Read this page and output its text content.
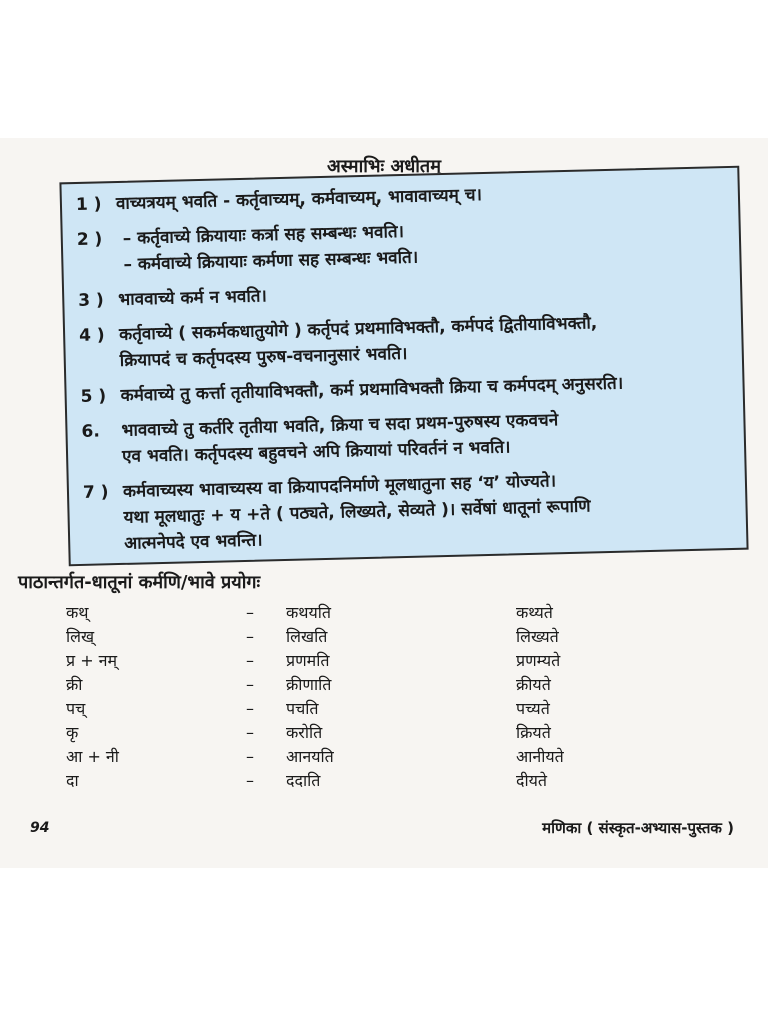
अस्माभिः अधीतम्
1 ) वाच्यत्रयम् भवति - कर्तृवाच्यम्, कर्मवाच्यम्, भावावाच्यम् च।
2 )	– कर्तृवाच्ये क्रियायाः कर्त्रा सह सम्बन्धः भवति।
– कर्मवाच्ये क्रियायाः कर्मणा सह सम्बन्धः भवति।
3 ) भाववाच्ये कर्म न भवति।
4 ) कर्तृवाच्ये ( सकर्मकधातुयोगे ) कर्तृपदं प्रथमाविभक्तौ, कर्मपदं द्वितीयाविभक्तौ,
क्रियापदं च कर्तृपदस्य पुरुष-वचनानुसारं भवति।
5 ) कर्मवाच्ये तु कर्त्ता तृतीयाविभक्तौ, कर्म प्रथमाविभक्तौ क्रिया च कर्मपदम् अनुसरति।
6.	भाववाच्ये तु कर्तरि तृतीया भवति, क्रिया च सदा प्रथम-पुरुषस्य एकवचने
एव भवति। कर्तृपदस्य बहुवचने अपि क्रियायां परिवर्तनं न भवति।
7 ) कर्मवाच्यस्य भावाच्यस्य वा क्रियापदनिर्माणे मूलधातुना सह ‘य’ योज्यते।
यथा मूलधातुः + य +ते ( पठ्यते, लिख्यते, सेव्यते )। सर्वेषां धातूनां रूपाणि
आत्मनेपदे एव भवन्ति।
पाठान्तर्गत-धातूनां कर्मणि/भावे प्रयोगः
कथ्	–	कथयति	कथ्यते
लिख्	–	लिखति	लिख्यते
प्र + नम्	–	प्रणमति	प्रणम्यते
क्री	–	क्रीणाति	क्रीयते
पच्	–	पचति	पच्यते
कृ	–	करोति	क्रियते
आ + नी	–	आनयति	आनीयते
दा	–	ददाति	दीयते
94	मणिका ( संस्कृत-अभ्यास-पुस्तक )
